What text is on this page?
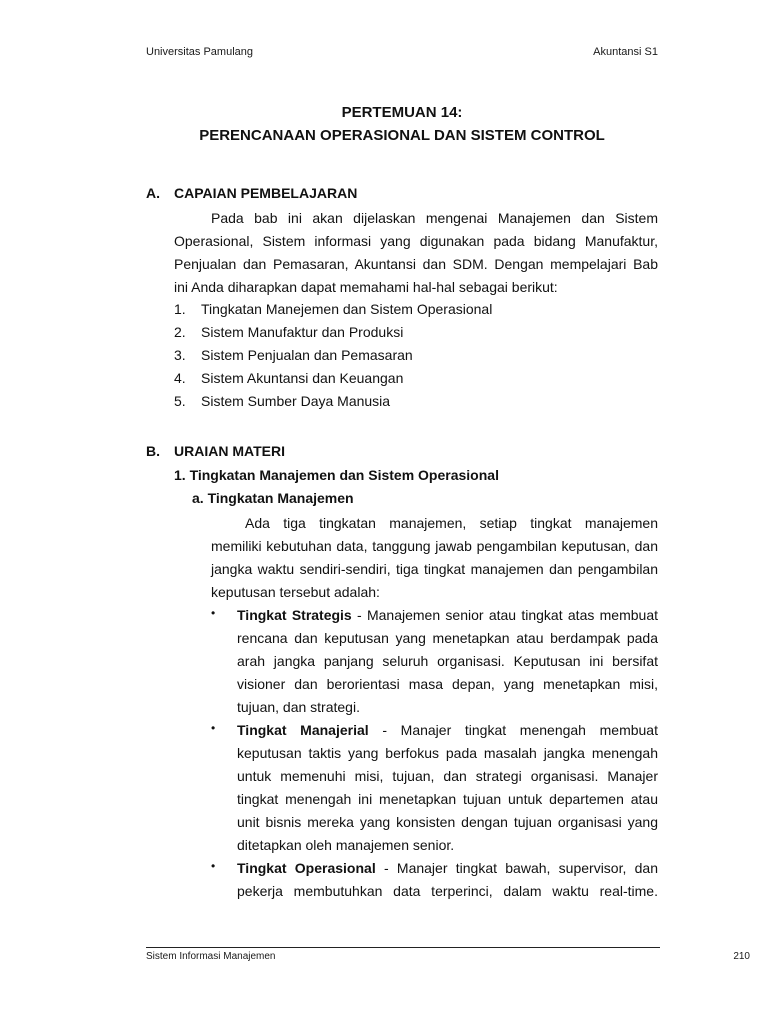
Universitas Pamulang	Akuntansi S1
PERTEMUAN 14:
PERENCANAAN OPERASIONAL DAN SISTEM CONTROL
A. CAPAIAN PEMBELAJARAN
Pada bab ini akan dijelaskan mengenai Manajemen dan Sistem
Operasional, Sistem informasi yang digunakan pada bidang Manufaktur,
Penjualan dan Pemasaran, Akuntansi dan SDM. Dengan mempelajari Bab
ini Anda diharapkan dapat memahami hal-hal sebagai berikut:
1. Tingkatan Manejemen dan Sistem Operasional
2. Sistem Manufaktur dan Produksi
3. Sistem Penjualan dan Pemasaran
4. Sistem Akuntansi dan Keuangan
5. Sistem Sumber Daya Manusia
B. URAIAN MATERI
1. Tingkatan Manajemen dan Sistem Operasional
a. Tingkatan Manajemen
Ada tiga tingkatan manajemen, setiap tingkat manajemen
memiliki kebutuhan data, tanggung jawab pengambilan keputusan, dan
jangka waktu sendiri-sendiri, tiga tingkat manajemen dan pengambilan
keputusan tersebut adalah:
• Tingkat Strategis - Manajemen senior atau tingkat atas membuat
rencana dan keputusan yang menetapkan atau berdampak pada
arah jangka panjang seluruh organisasi. Keputusan ini bersifat
visioner dan berorientasi masa depan, yang menetapkan misi,
tujuan, dan strategi.
• Tingkat Manajerial - Manajer tingkat menengah membuat
keputusan taktis yang berfokus pada masalah jangka menengah
untuk memenuhi misi, tujuan, dan strategi organisasi. Manajer
tingkat menengah ini menetapkan tujuan untuk departemen atau
unit bisnis mereka yang konsisten dengan tujuan organisasi yang
ditetapkan oleh manajemen senior.
• Tingkat Operasional - Manajer tingkat bawah, supervisor, dan
pekerja membutuhkan data terperinci, dalam waktu real-time.
Sistem Informasi Manajemen	210
